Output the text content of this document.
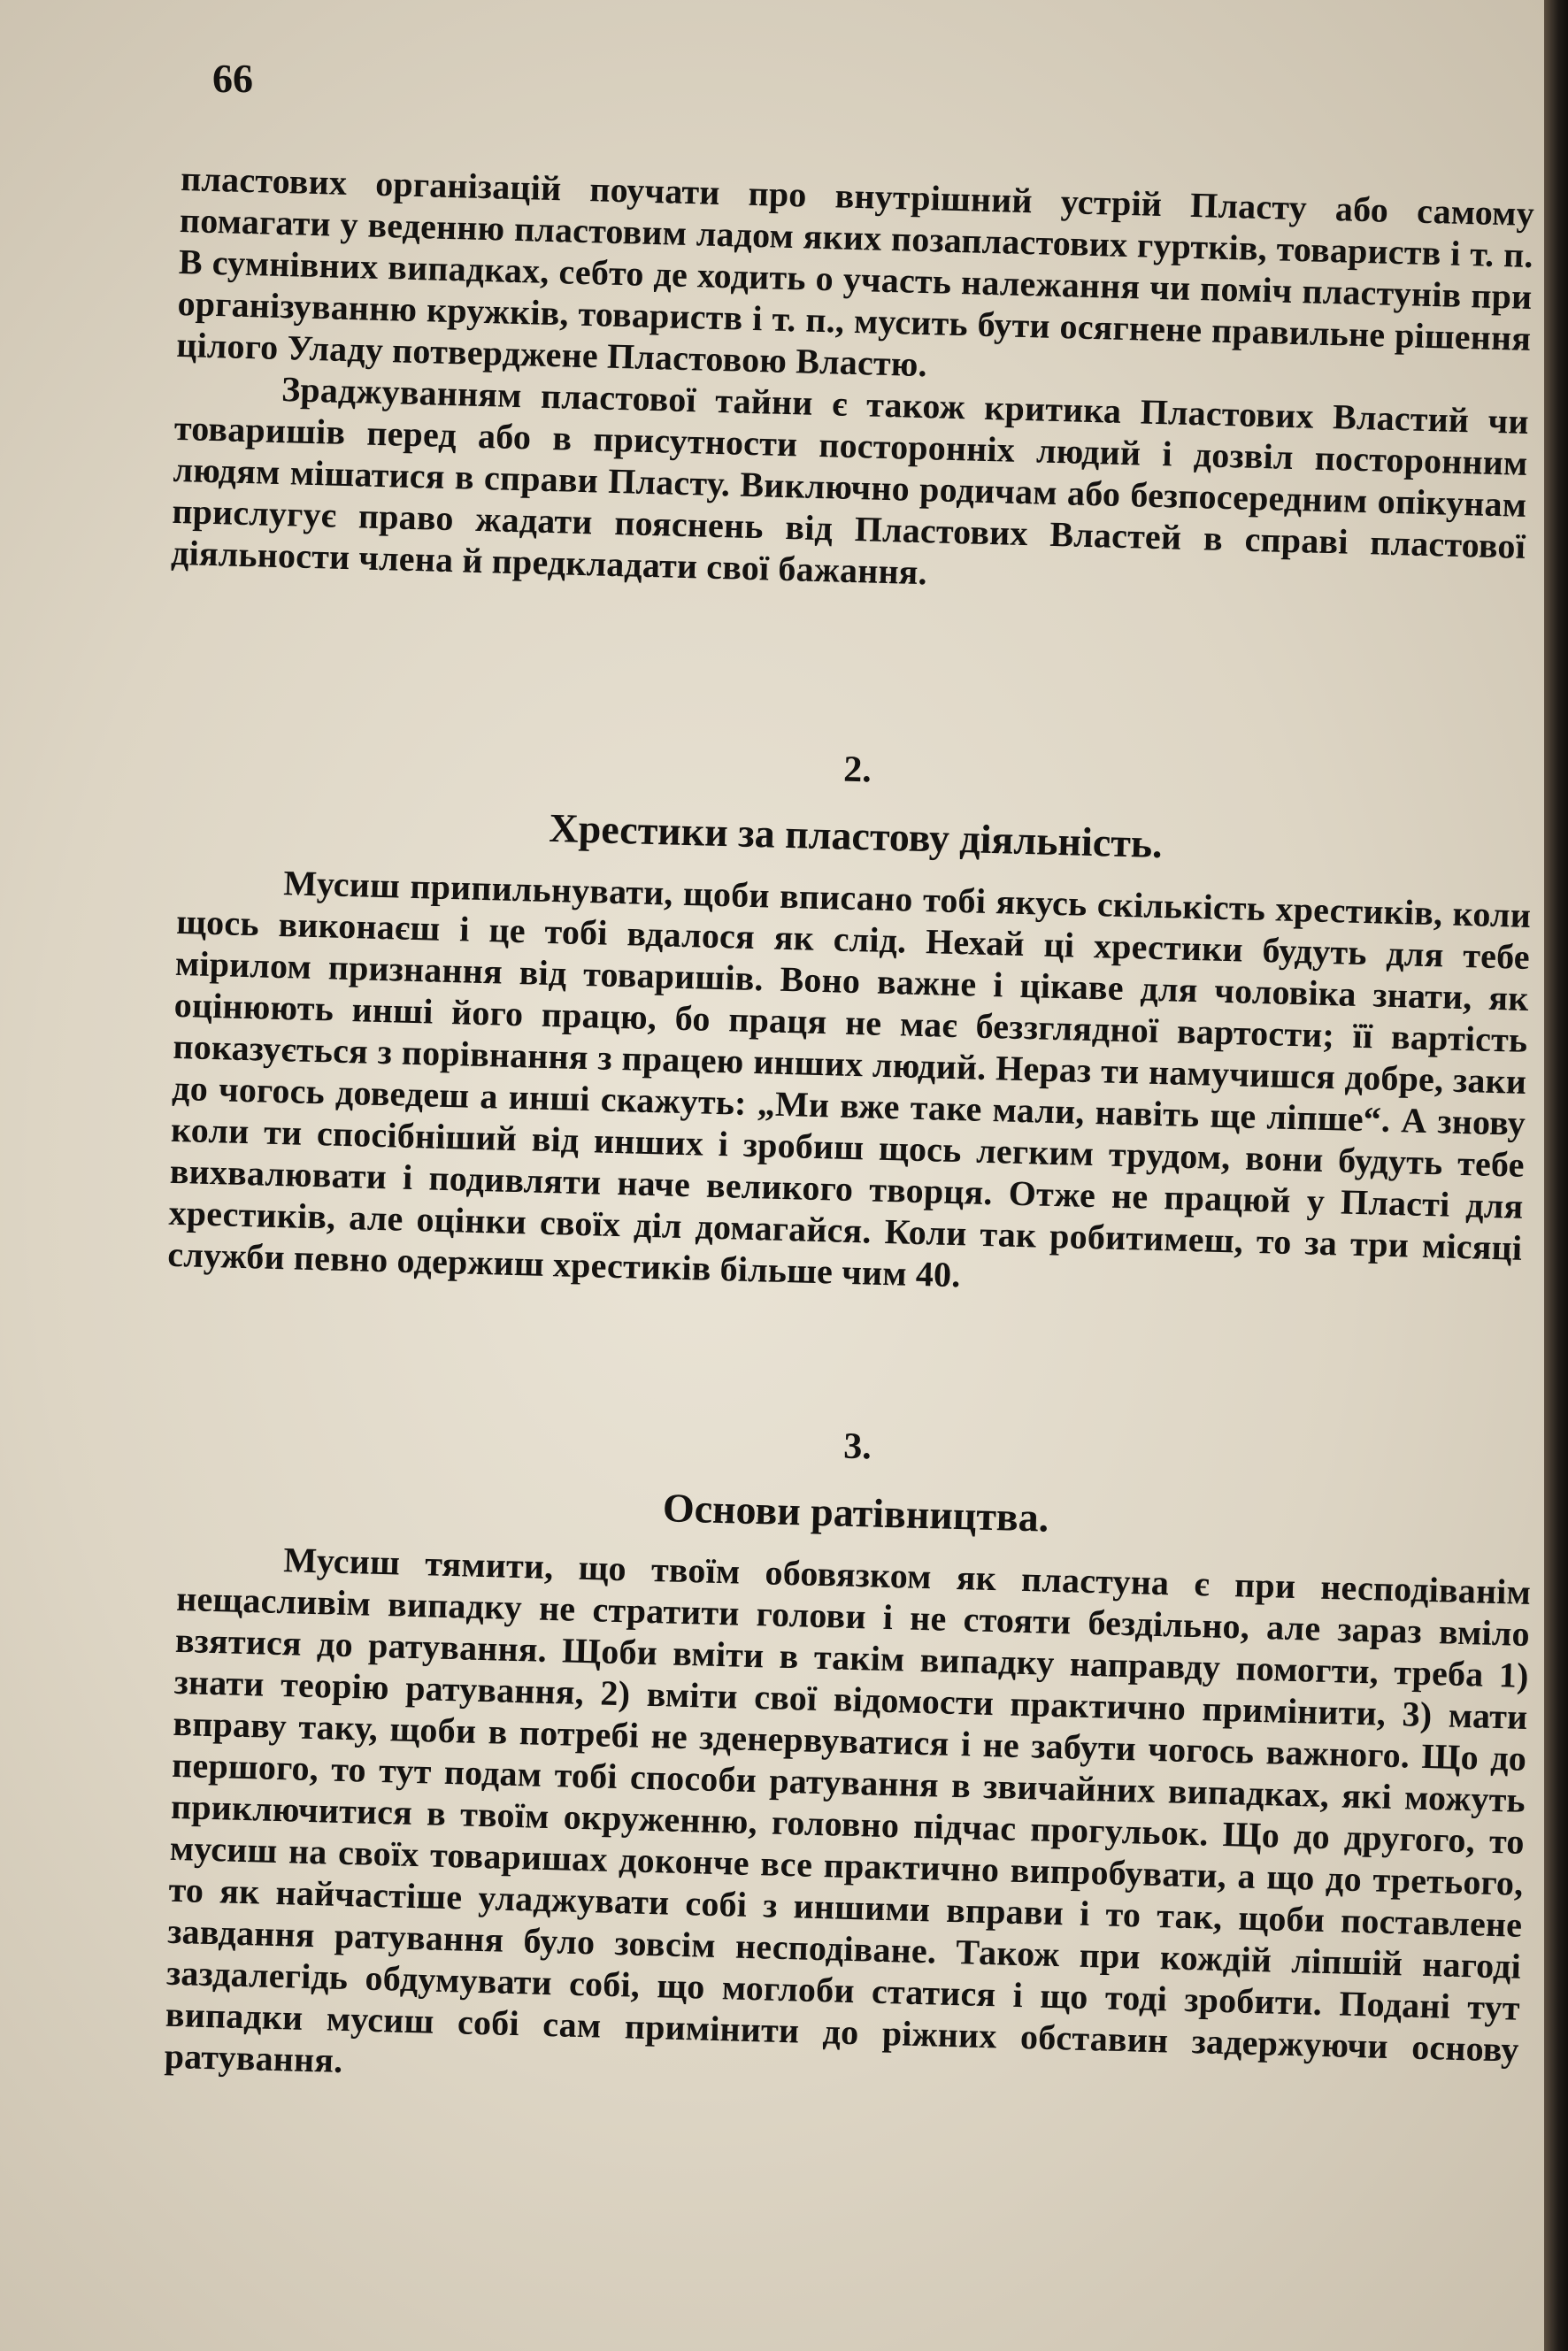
66

пластових організацій поучати про внутрішний устрій Пласту або самому помагати у веденню пластовим ладом яких позапластових гуртків, товариств і т. п. В сумнівних випадках, себто де ходить о участь належання чи поміч пластунів при організуванню кружків, товариств і т. п., мусить бути осягнене правильне рішення цілого Уладу потверджене Пластовою Властю.

Зраджуванням пластової тайни є також критика Пластових Властий чи товаришів перед або в присутности посторонніх людий і дозвіл посторонним людям мішатися в справи Пласту. Виключно родичам або безпосередним опікунам прислугує право жадати пояснень від Пластових Властей в справі пластової діяльности члена й предкладати свої бажання.

2.

Хрестики за пластову діяльність.

Мусиш припильнувати, щоби вписано тобі якусь скількість хрестиків, коли щось виконаєш і це тобі вдалося як слід. Нехай ці хрестики будуть для тебе мірилом признання від товаришів. Воно важне і цікаве для чоловіка знати, як оцінюють инші його працю, бо праця не має беззглядної вартости; її вартість показується з порівнання з працею инших людий. Нераз ти намучишся добре, заки до чогось доведеш а инші скажуть: „Ми вже таке мали, навіть ще ліпше“. А знову коли ти спосібніший від инших і зробиш щось легким трудом, вони будуть тебе вихвалювати і подивляти наче великого творця. Отже не працюй у Пласті для хрестиків, але оцінки своїх діл домагайся. Коли так робитимеш, то за три місяці служби певно одержиш хрестиків більше чим 40.

3.

Основи ратівництва.

Мусиш тямити, що твоїм обовязком як пластуна є при несподіванім нещасливім випадку не стратити голови і не стояти бездільно, але зараз вміло взятися до ратування. Щоби вміти в такім випадку направду помогти, треба 1) знати теорію ратування, 2) вміти свої відомости практично примінити, 3) мати вправу таку, щоби в потребі не зденервуватися і не забути чогось важного. Що до першого, то тут подам тобі способи ратування в звичайних випадках, які можуть приключитися в твоїм окруженню, головно підчас прогульок. Що до другого, то мусиш на своїх товаришах доконче все практично випробувати, а що до третього, то як найчастіше уладжувати собі з иншими вправи і то так, щоби поставлене завдання ратування було зовсім несподіване. Також при кождій ліпшій нагоді заздалегідь обдумувати собі, що моглоби статися і що тоді зробити. Подані тут випадки мусиш собі сам примінити до ріжних обставин задержуючи основу ратування.
